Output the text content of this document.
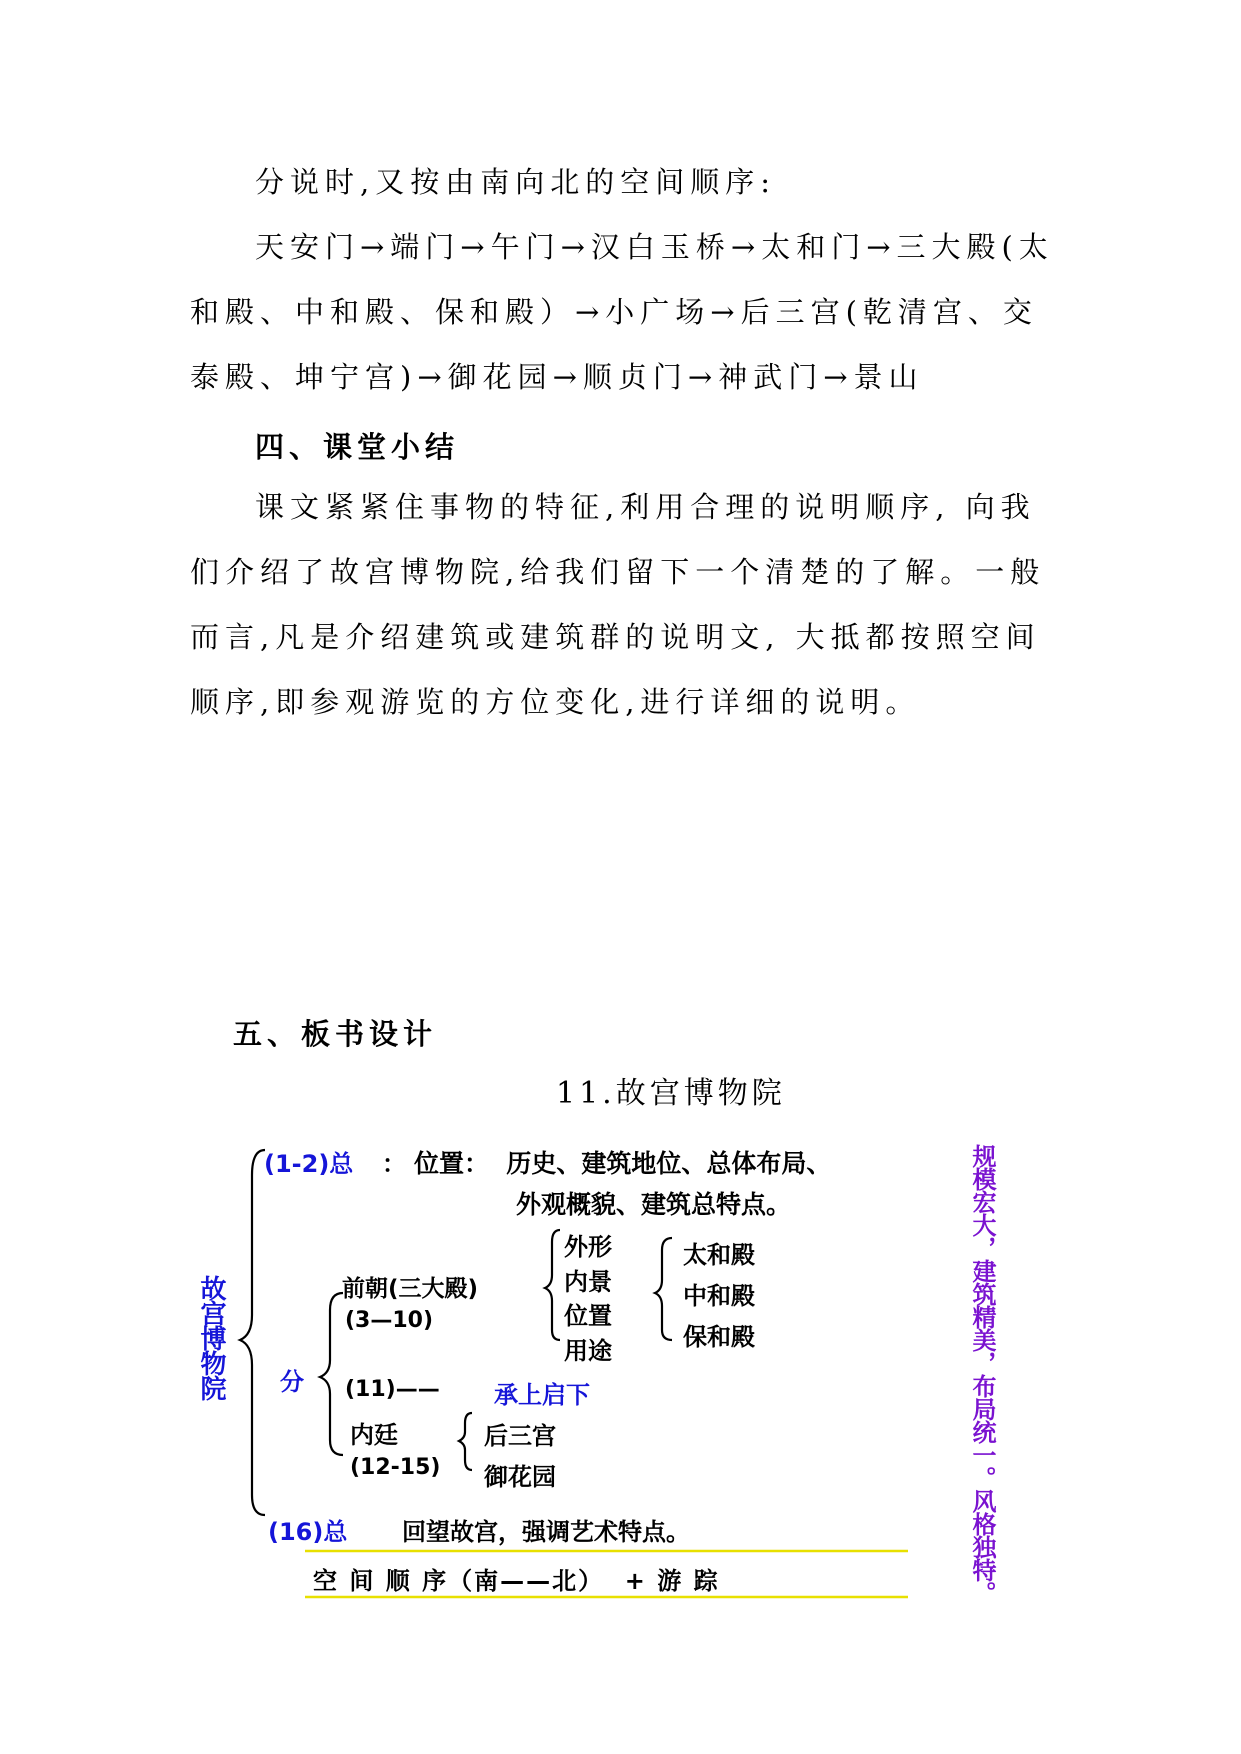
分说时,又按由南向北的空间顺序:
天安门→端门→午门→汉白玉桥→太和门→三大殿(太和殿、中和殿、保和殿）→小广场→后三宫(乾清宫、交泰殿、坤宁宫)→御花园→顺贞门→神武门→景山
四、课堂小结
课文紧紧住事物的特征,利用合理的说明顺序, 向我们介绍了故宫博物院,给我们留下一个清楚的了解。一般而言,凡是介绍建筑或建筑群的说明文, 大抵都按照空间顺序,即参观游览的方位变化,进行详细的说明。
五、板书设计
11.故宫博物院
故宫博物院
(1-2)总 ： 位置：  历史、建筑地位、总体布局、
外观概貌、建筑总特点。
分
前朝(三大殿)
(3—10)
外形
内景
位置
用途
太和殿
中和殿
保和殿
(11)—— 承上启下
内廷
(12-15)
后三宫
御花园
(16)总 回望故宫，强调艺术特点。
空 间 顺 序（南——北）  + 游 踪	规模宏大，建筑精美，布局统一。风格独特。
